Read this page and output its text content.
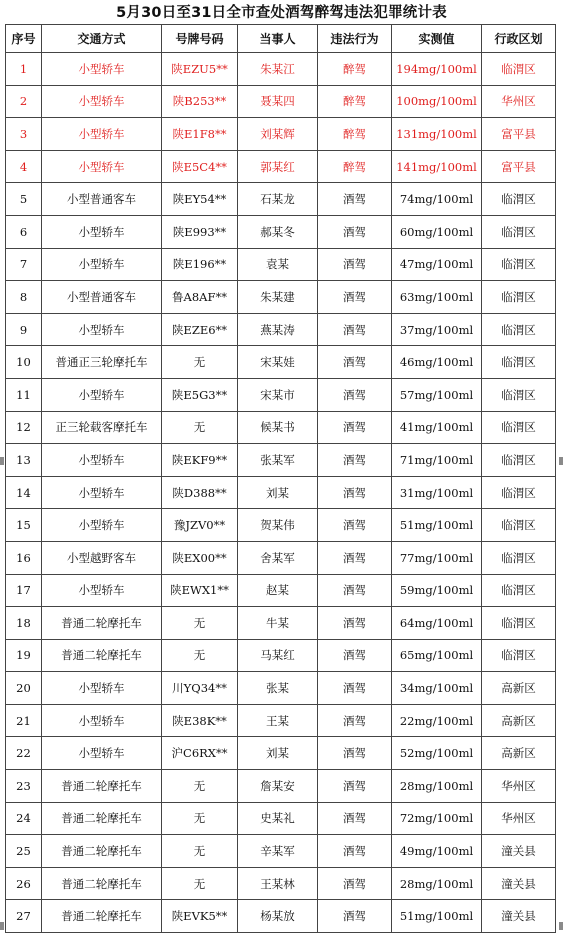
5月30日至31日全市查处酒驾醉驾违法犯罪统计表
序号	交通方式	号牌号码	当事人	违法行为	实测值	行政区划
1	小型轿车	陕EZU5**	朱某江	醉驾	194mg/100ml	临渭区
2	小型轿车	陕B253**	聂某四	醉驾	100mg/100ml	华州区
3	小型轿车	陕E1F8**	刘某辉	醉驾	131mg/100ml	富平县
4	小型轿车	陕E5C4**	郭某红	醉驾	141mg/100ml	富平县
5	小型普通客车	陕EY54**	石某龙	酒驾	74mg/100ml	临渭区
6	小型轿车	陕E993**	郝某冬	酒驾	60mg/100ml	临渭区
7	小型轿车	陕E196**	袁某	酒驾	47mg/100ml	临渭区
8	小型普通客车	鲁A8AF**	朱某建	酒驾	63mg/100ml	临渭区
9	小型轿车	陕EZE6**	燕某涛	酒驾	37mg/100ml	临渭区
10	普通正三轮摩托车	无	宋某娃	酒驾	46mg/100ml	临渭区
11	小型轿车	陕E5G3**	宋某市	酒驾	57mg/100ml	临渭区
12	正三轮载客摩托车	无	候某书	酒驾	41mg/100ml	临渭区
13	小型轿车	陕EKF9**	张某军	酒驾	71mg/100ml	临渭区
14	小型轿车	陕D388**	刘某	酒驾	31mg/100ml	临渭区
15	小型轿车	豫JZV0**	贺某伟	酒驾	51mg/100ml	临渭区
16	小型越野客车	陕EX00**	舍某军	酒驾	77mg/100ml	临渭区
17	小型轿车	陕EWX1**	赵某	酒驾	59mg/100ml	临渭区
18	普通二轮摩托车	无	牛某	酒驾	64mg/100ml	临渭区
19	普通二轮摩托车	无	马某红	酒驾	65mg/100ml	临渭区
20	小型轿车	川YQ34**	张某	酒驾	34mg/100ml	高新区
21	小型轿车	陕E38K**	王某	酒驾	22mg/100ml	高新区
22	小型轿车	沪C6RX**	刘某	酒驾	52mg/100ml	高新区
23	普通二轮摩托车	无	詹某安	酒驾	28mg/100ml	华州区
24	普通二轮摩托车	无	史某礼	酒驾	72mg/100ml	华州区
25	普通二轮摩托车	无	辛某军	酒驾	49mg/100ml	潼关县
26	普通二轮摩托车	无	王某林	酒驾	28mg/100ml	潼关县
27	普通二轮摩托车	陕EVK5**	杨某放	酒驾	51mg/100ml	潼关县
